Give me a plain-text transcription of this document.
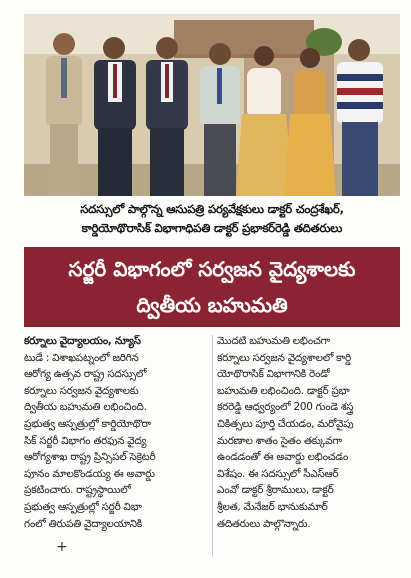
సదస్సులో పాల్గొన్న ఆసుపత్రి పర్యవేక్షకులు డాక్టర్ చంద్రశేఖర్,
కార్డియోథొరాసిక్ విభాగాధిపతి డాక్టర్ ప్రభాకర్‌రెడ్డి తదితరులు
సర్జరీ విభాగంలో సర్వజన వైద్యశాలకు
ద్వితీయ బహుమతి
కర్నూలు వైద్యాలయం, న్యూస్
టుడే : విశాఖపట్నంలో జరిగిన
ఆరోగ్య ఉత్సవ రాష్ట్ర సదస్సులో
కర్నూలు సర్వజన వైద్యశాలకు
ద్వితీయ బహుమతి లభించింది.
ప్రభుత్వ ఆస్పత్రుల్లో కార్డియోథొరా
సిక్ సర్జరీ విభాగం తరఫున వైద్య
ఆరోగ్యశాఖ రాష్ట్ర ప్రిన్సిపల్ సెక్రెటరీ
పూనం మాలకొండయ్య ఈ అవార్డు
ప్రకటించారు. రాష్ట్రస్థాయిలో
ప్రభుత్వ ఆస్పత్రుల్లో సర్జరీ విభా
గంలో తిరుపతి వైద్యాలయానికి
మొదటి బహుమతి లభించగా
కర్నూలు సర్వజన వైద్యశాలలో కార్డి
యోథొరాసిక్ విభాగానికి రెండో
బహుమతి లభించింది. డాక్టర్ ప్రభా
కరరెడ్డి ఆధ్వర్యంలో 200 గుండె శస్త్ర
చికిత్సలు పూర్తి చేయడం, మరోవైపు
మరణాల శాతం సైతం తక్కువగా
ఉండడంతో ఈ అవార్డు లభించడం
విశేషం. ఈ సదస్సులో సీఎస్ఆర్
ఎంవో డాక్టర్ శ్రీరాములు, డాక్టర్
శ్రీలత, మేనేజర్ భానుకుమార్
తదితరులు పాల్గొన్నారు.
+
